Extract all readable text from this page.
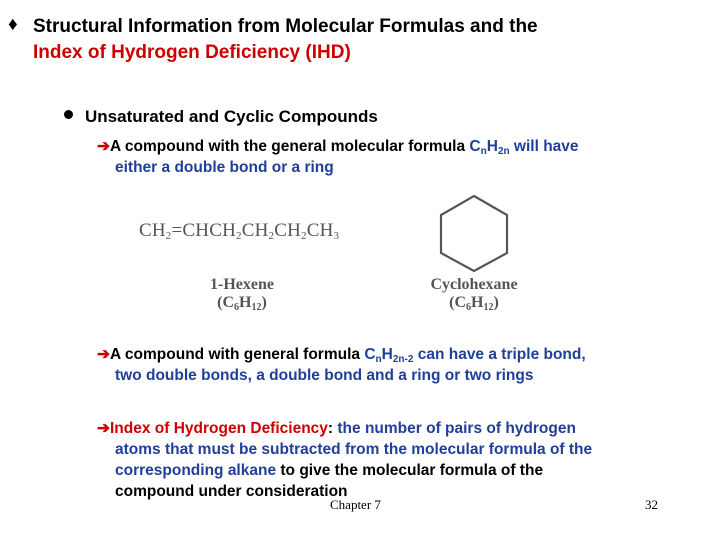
♦ Structural Information from Molecular Formulas and the
Index of Hydrogen Deficiency (IHD)
Unsaturated and Cyclic Compounds
➔A compound with the general molecular formula $C_nH_{2n}$ will have
either a double bond or a ring
$CH_2=CHCH_2CH_2CH_2CH_3$
1-Hexene
$(C_6H_{12})$
Cyclohexane
$(C_6H_{12})$
➔A compound with general formula $C_nH_{2n-2}$ can have a triple bond,
two double bonds, a double bond and a ring or two rings
➔Index of Hydrogen Deficiency: the number of pairs of hydrogen
atoms that must be subtracted from the molecular formula of the
corresponding alkane to give the molecular formula of the
compound under consideration
Chapter 7	32
